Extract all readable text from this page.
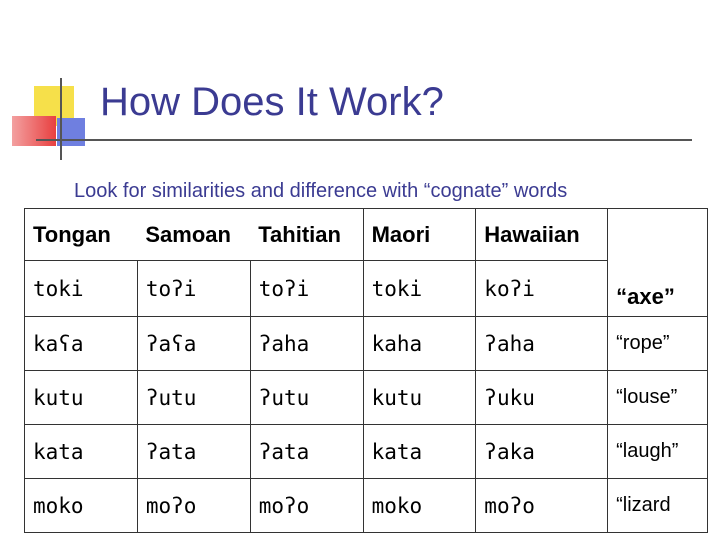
How Does It Work?
Look for similarities and difference with “cognate” words
Tongan	Samoan	Tahitian	Maori	Hawaiian	“axe”
toki	toʔi	toʔi	toki	koʔi	
kaʕa	ʔaʕa	ʔaha	kaha	ʔaha	“rope”
kutu	ʔutu	ʔutu	kutu	ʔuku	“louse”
kata	ʔata	ʔata	kata	ʔaka	“laugh”
moko	moʔo	moʔo	moko	moʔo	“lizard
